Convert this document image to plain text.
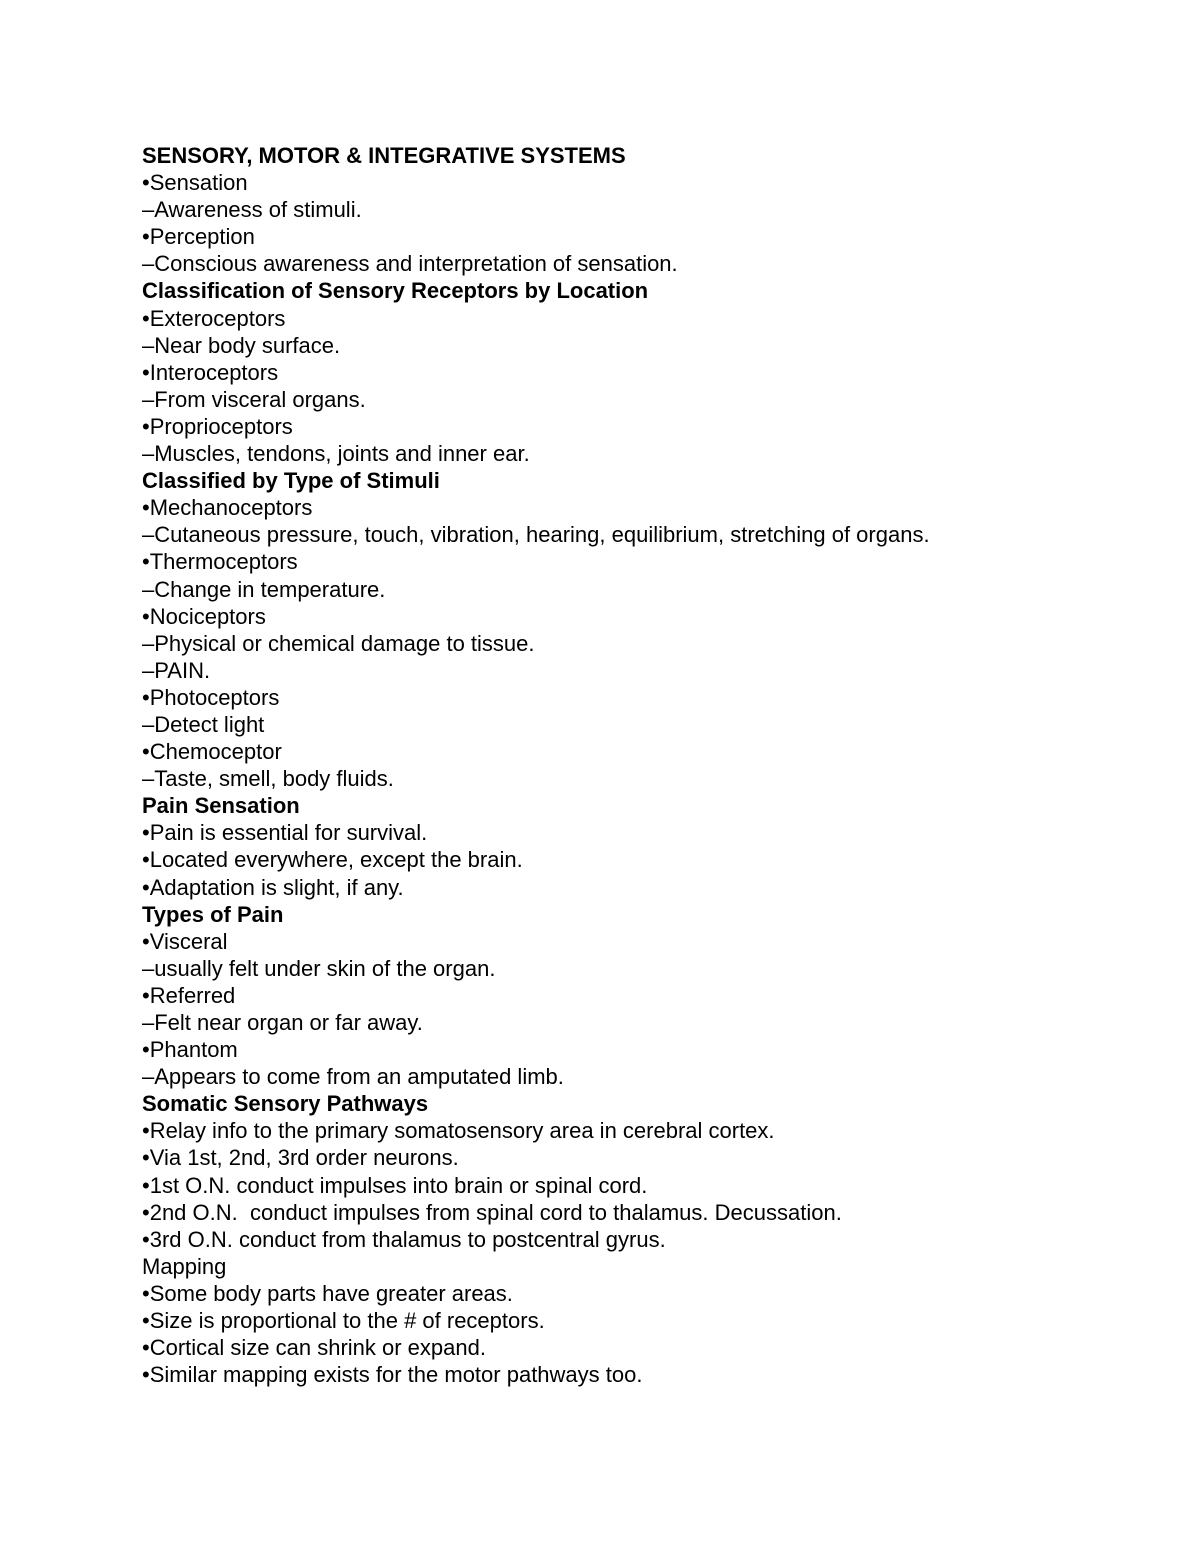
SENSORY, MOTOR & INTEGRATIVE SYSTEMS
•Sensation
–Awareness of stimuli.
•Perception
–Conscious awareness and interpretation of sensation.
Classification of Sensory Receptors by Location
•Exteroceptors
–Near body surface.
•Interoceptors
–From visceral organs.
•Proprioceptors
–Muscles, tendons, joints and inner ear.
Classified by Type of Stimuli
•Mechanoceptors
–Cutaneous pressure, touch, vibration, hearing, equilibrium, stretching of organs.
•Thermoceptors
–Change in temperature.
•Nociceptors
–Physical or chemical damage to tissue.
–PAIN.
•Photoceptors
–Detect light
•Chemoceptor
–Taste, smell, body fluids.
Pain Sensation
•Pain is essential for survival.
•Located everywhere, except the brain.
•Adaptation is slight, if any.
Types of Pain
•Visceral
–usually felt under skin of the organ.
•Referred
–Felt near organ or far away.
•Phantom
–Appears to come from an amputated limb.
Somatic Sensory Pathways
•Relay info to the primary somatosensory area in cerebral cortex.
•Via 1st, 2nd, 3rd order neurons.
•1st O.N. conduct impulses into brain or spinal cord.
•2nd O.N.  conduct impulses from spinal cord to thalamus. Decussation.
•3rd O.N. conduct from thalamus to postcentral gyrus.
Mapping
•Some body parts have greater areas.
•Size is proportional to the # of receptors.
•Cortical size can shrink or expand.
•Similar mapping exists for the motor pathways too.
